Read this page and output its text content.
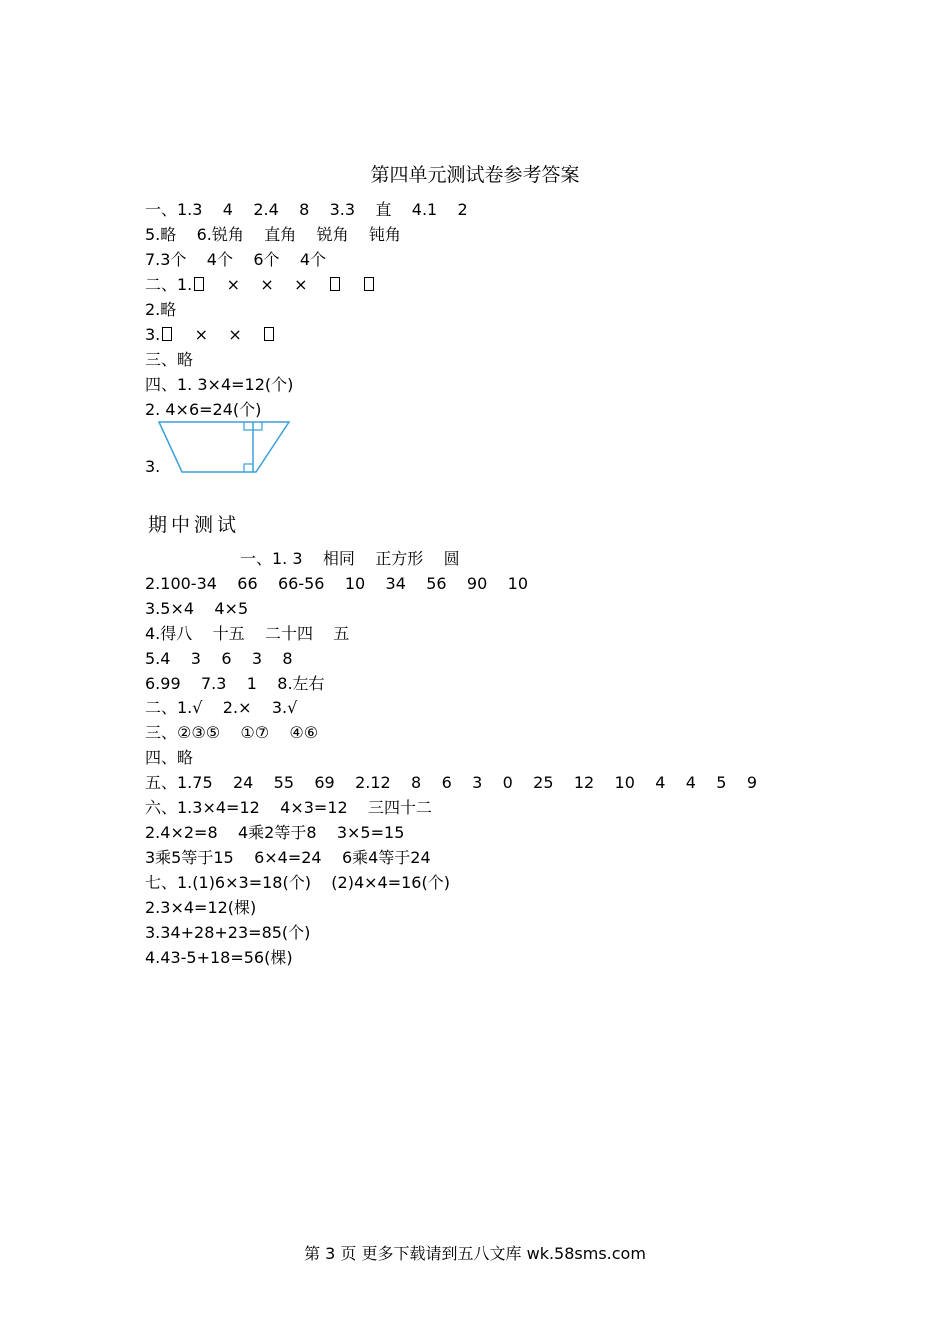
第四单元测试卷参考答案
一、1.3    4    2.4    8    3.3    直    4.1    2
5.略    6.锐角    直角    锐角    钝角
7.3个    4个    6个    4个
二、1.    ×    ×    ×
2.略
3.    ×    ×
三、略
四、1. 3×4=12(个)
2. 4×6=24(个)
3.
期中测试
一、1. 3    相同    正方形    圆
2.100-34    66    66-56    10    34    56    90    10
3.5×4    4×5
4.得八    十五    二十四    五
5.4    3    6    3    8
6.99    7.3    1    8.左右
二、1.√    2.×    3.√
三、②③⑤    ①⑦    ④⑥
四、略
五、1.75    24    55    69    2.12    8    6    3    0    25    12    10    4    4    5    9
六、1.3×4=12    4×3=12    三四十二
2.4×2=8    4乘2等于8    3×5=15
3乘5等于15    6×4=24    6乘4等于24
七、1.(1)6×3=18(个)    (2)4×4=16(个)
2.3×4=12(棵)
3.34+28+23=85(个)
4.43-5+18=56(棵)
第 3 页 更多下载请到五八文库 wk.58sms.com
